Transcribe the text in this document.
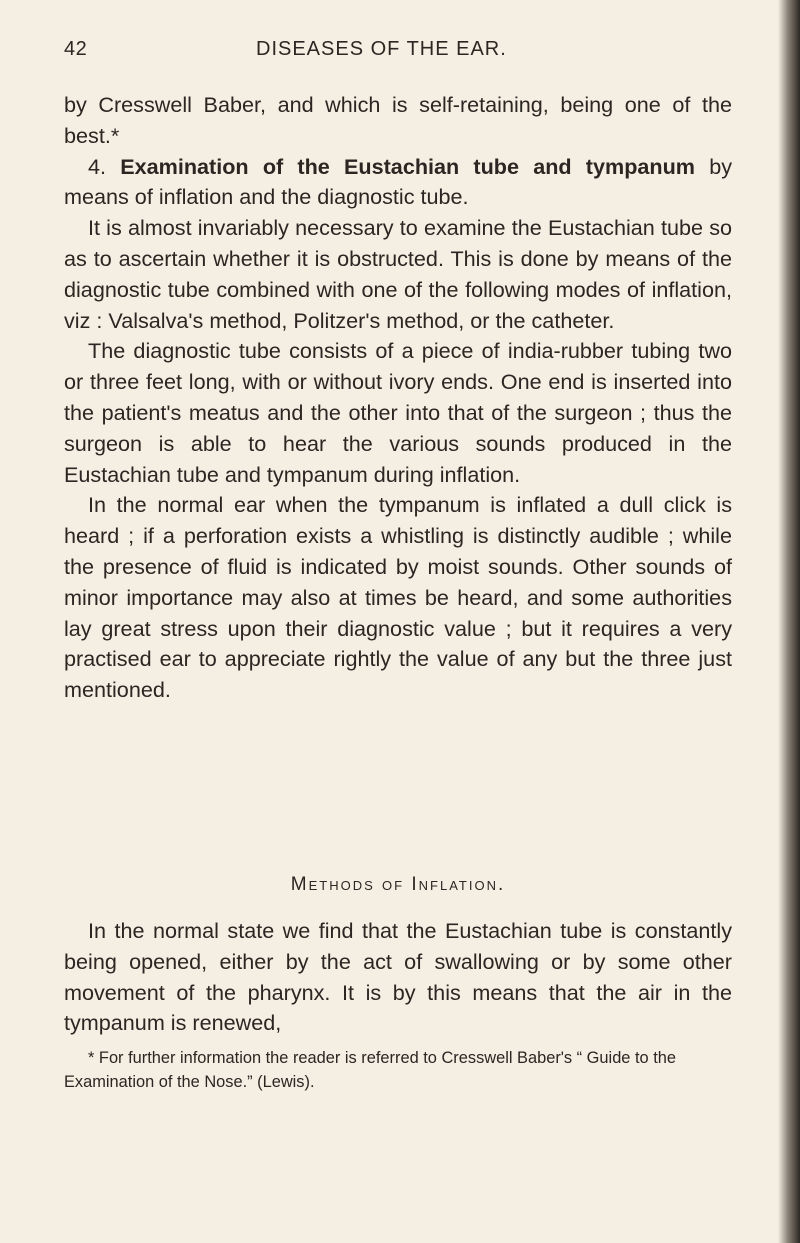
42	DISEASES OF THE EAR.

by Cresswell Baber, and which is self-retaining, being one of the best.*

4. Examination of the Eustachian tube and tympanum by means of inflation and the diagnostic tube.

It is almost invariably necessary to examine the Eustachian tube so as to ascertain whether it is obstructed. This is done by means of the diagnostic tube combined with one of the following modes of inflation, viz : Valsalva's method, Politzer's method, or the catheter.

The diagnostic tube consists of a piece of india-rubber tubing two or three feet long, with or without ivory ends. One end is inserted into the patient's meatus and the other into that of the surgeon ; thus the surgeon is able to hear the various sounds produced in the Eustachian tube and tympanum during inflation.

In the normal ear when the tympanum is inflated a dull click is heard ; if a perforation exists a whistling is distinctly audible ; while the presence of fluid is indicated by moist sounds. Other sounds of minor importance may also at times be heard, and some authorities lay great stress upon their diagnostic value ; but it requires a very practised ear to appreciate rightly the value of any but the three just mentioned.

Methods of Inflation.

In the normal state we find that the Eustachian tube is constantly being opened, either by the act of swallowing or by some other movement of the pharynx. It is by this means that the air in the tympanum is renewed,

* For further information the reader is referred to Cresswell Baber's “ Guide to the Examination of the Nose.” (Lewis).
